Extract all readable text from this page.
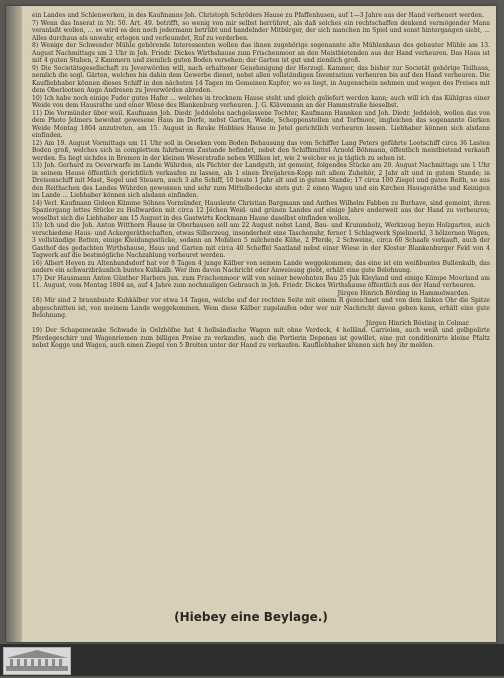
ein Landes und Schlenwerken, in des Kaufmanns Joh. Christoph Schröders Hause zu Pfaffenhusen, auf 1—3 Jahre aus der Hand verheuert werden.

7) Wenn das Inserat in Nr. 50. Art. 49. betrifft, so wenig von mir selbst herrühret, als daß solches ein rechtschaffen denkend vermögender Mann veranlaßt wollen, ... so wird es den noch jedermann betrübt und handelnder Mitbürger, der sich manchen im Spiel und sonst hintergangen sieht, ... Alles durchaus als unwahr, erlogen und verleumdet, Ruf zu verderben.

8) Wenige der Schwender Mühle gehörende Interessenten wollen das ihnen zugehörige sogenannte alte Mühlenhaus des gebauter Mühle am 13. August Nachmittags um 2 Uhr in Joh. Friedr. Dickes Wirthshause zum Frischenmoor an den Meistbietenden aus der Hand verheuren. Das Haus ist mit 4 guten Stuben, 2 Kammern und ziemlich guten Boden versehen; der Garten ist gut und ziemlich groß.

9) Die Societätsgesellschaft zu Jeverwörden will, nach erhaltener Genehmigung der Herzogl. Kammer, das bisher zur Societät gehörige Teilhaus, nemlich die sogl. Gärten, welches bis dahin dem Gewerbe dienet, nebst allen vollständigen Inventarium verheuren bis auf den Hand verheuren. Die Kaufliebhaber können dieses Schiff in den nächsten 14 Tagen im Gemeinen Kupfer, wo es liegt, in Augenschein nehmen und wegen des Preises mit dem Oberlootsen Auge Andresen zu Jeverwörden abreden.

10) Ich habe noch einige Fuder gutes Hafer ... welches in trocknem Hause steht und gleich geliefert werden kann; auch will ich das Kühlgras einer Weide von dem Hausrathe und einer Wiese des Blankenburg verheuren. J. G. Klävemann an der Hammstraße hieselbst.

11) Die Vormünder über weil. Kaufmann Joh. Diedr. Jeddelohs nachgelassene Tochter, Kaufmann Hannken und Joh. Diedr. Jeddeloh, wollen das von dem Photo Jelmers bewohnt gewesene Haus im Dorfe, nebst Garten, Weide, Schoppenstellen und Torfmoor, imgleichen das sogenannte Gerken Weide Montag 1804 anzutreten, am 15. August in Reuke Hobbies Hause in Jetel gerichtlich verheuren lassen. Liebhaber können sich alsdann einfinden.

12) Am 19. August Vormittags um 11 Uhr soll in Oeseken vom Boden Behausung das vom Schiffer Lang Peters geführte Lootschiff circa 36 Lasten Boden groß, welches sich in complettem fahrbarem Zustande befindet, nebst den Schiffsmittel Arnold Böhmann, öffentlich meistbietend verkauft werden. Es liegt sichdes in Bremen in der kleinen Weserstraße neben Willken ist, wie 2 welcher es ja täglich zu sehen ist.

13) Joh. Gerhard zu Oeverwarfe im Lande Wührden, als Pächter der Landguth, ist gemeint, folgendes Stücke am 20. August Nachmittags um 1 Uhr in seinem Hause öffentlich gerichtlich verkaufen zu lassen, als 1 einen Dreijahren-Kopp mit allem Zubehör, 2 Jahr alt und in gutem Stande; in Dreisenschiff mit Mast, Segel und Steuern, auch 3 alte Schiff, 10 beste 1 Jahr alt und in gutem Stande; 17 circa 100 Ziegel und guten Reith, so aus den Reithschen des Landes Wührden gewonnen und sehr zum Mittelbedecke stets gut: 2 einen Wagen und ein Kirchen Hausgeräthe und Keinigen im Lande ... Liebhaber können sich alsdann einfinden.

14) Verl. Kaufmann Gideon Kümme Söhnes Vormünder, Hausleute Christian Bargmann und Anthes Wilhelm Fabben zu Burhave, sind gemeint, ihren Spaziergang lettes Stücke zu Hollwarden mit circa 12 Jöchen Weid- und grünen Landes auf einige Jahre anderweit aus der Hand zu verheuren; woselbst sich die Liebhaber am 15 August in des Gastwirts Kockmann Hause daselbst einfinden wollen.

15) Ich und die Joh. Anton Witthorn Hause in Oberhausen soll am 22 August nebst Land, Bau- und Krummholz, Werkzeug beym Holzgarten, auch verschiedene Haus- und Ackergeräthschaften, etwas Silberzeug, insonderheit eine Taschenuhr, ferner 1 Schlagwerk Spielmerkl, 3 hölzernen Wagen, 3 vollständige Betten, einige Kleidungsstücke, sodann an Mobilien 5 milchende Kühe, 2 Pferde, 2 Schweine, circa 60 Schaafe verkauft, auch der Gasthof des gedachten Wirthshause, Haus und Garten mit circa 40 Scheffel Saatland nebst einer Wiese in der Kloster Blankenburger Feld von 4 Tagwerk auf die bestmögliche Nachzahlung verheuret werden.

16) Albert Heyen zu Altenhundsdorf hat vor 8 Tagen 4 junge Kälber von seinem Lande weggekommen; das eine ist ein weißbuntes Bullenkalb, das andere ein schwarzbräunlich buntes Kuhkalb. Wer ihm davon Nachricht oder Anweisung giebt, erhält eine gute Belohnung.

17) Der Hausmann Anton Günther Harbers jun. zum Frischenmoor will von seiner bewohnten Bau 25 Juk Kleyland und einige Kämpe Moorland am 11. August, vom Montag 1804 an, auf 4 Jahre zum nochmaligen Gebrauch in Joh. Friedr. Dickes Wirthshause öffentlich aus der Hand verheuren.

Jürgen Hinrich Börding in Hammelwarden.

18) Mir sind 2 braunbunte Kuhkälber vor etwa 14 Tagen, welche auf der rechten Seite mit einem R gezeichnet und von dem linken Ohr die Spitze abgeschnitten ist, von meinem Lande weggekommen. Wem diese Kälber zugelaufen oder wer mir Nachricht davon geben kann, erhält eine gute Belohnung.

Jürgen Hinrich Bösting in Colmar.

19) Der Schapenwanke Schwade in Oelzhöfne hat 4 hollsändische Wagen mit ohne Verdeck, 4 holländ. Carriolen, auch weiß und gelbpolirte Pferdegeschirr und Wagenriemen zum billigen Preise zu verkaufen, auch die Portierin Depenau ist gewillet, eine gut conditionirte kleine Pfaltz nebst Kogge und Wagen, auch einen Ziegel von 5 Breiten unter der Hand zu verkaufen. Kaufliebhaber können sich bey ihr melden.

(Hiebey eine Beylage.)
